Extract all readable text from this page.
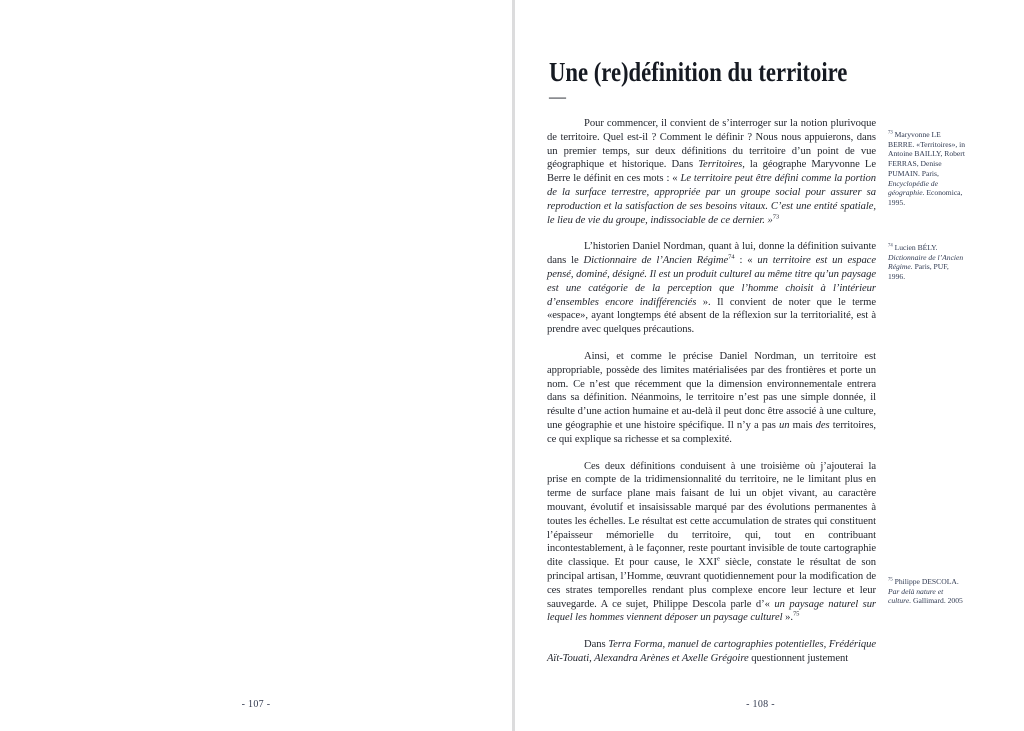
Une (re)définition du territoire
—

Pour commencer, il convient de s’interroger sur la notion plurivoque de territoire. Quel est-il ? Comment le définir ? Nous nous appuierons, dans un premier temps, sur deux définitions du territoire d’un point de vue géographique et historique. Dans Territoires, la géographe Maryvonne Le Berre le définit en ces mots : « Le territoire peut être défini comme la portion de la surface terrestre, appropriée par un groupe social pour assurer sa reproduction et la satisfaction de ses besoins vitaux. C’est une entité spatiale, le lieu de vie du groupe, indissociable de ce dernier. »$^{73}$

L’historien Daniel Nordman, quant à lui, donne la définition suivante dans le Dictionnaire de l’Ancien Régime$^{74}$ : « un territoire est un espace pensé, dominé, désigné. Il est un produit culturel au même titre qu’un paysage est une catégorie de la perception que l’homme choisit à l’intérieur d’ensembles encore indifférenciés ». Il convient de noter que le terme «espace», ayant longtemps été absent de la réflexion sur la territorialité, est à prendre avec quelques précautions.

Ainsi, et comme le précise Daniel Nordman, un territoire est appropriable, possède des limites matérialisées par des frontières et porte un nom. Ce n’est que récemment que la dimension environnementale entrera dans sa définition. Néanmoins, le territoire n’est pas une simple donnée, il résulte d’une action humaine et au-delà il peut donc être associé à une culture, une géographie et une histoire spécifique. Il n’y a pas un mais des territoires, ce qui explique sa richesse et sa complexité.

Ces deux définitions conduisent à une troisième où j’ajouterai la prise en compte de la tridimensionnalité du territoire, ne le limitant plus en terme de surface plane mais faisant de lui un objet vivant, au caractère mouvant, évolutif et insaisissable marqué par des évolutions permanentes à toutes les échelles. Le résultat est cette accumulation de strates qui constituent l’épaisseur mémorielle du territoire, qui, tout en contribuant incontestablement, à le façonner, reste pourtant invisible de toute cartographie dite classique. Et pour cause, le XXIe siècle, constate le résultat de son principal artisan, l’Homme, œuvrant quotidiennement pour la modification de ces strates temporelles rendant plus complexe encore leur lecture et leur sauvegarde. A ce sujet, Philippe Descola parle d’« un paysage naturel sur lequel les hommes viennent déposer un paysage culturel ».$^{75}$

Dans Terra Forma, manuel de cartographies potentielles, Frédérique Aït-Touati, Alexandra Arènes et Axelle Grégoire questionnent justement

$^{73}$ Maryvonne LE BERRE. «Territoires», in Antoine BAILLY, Robert FERRAS, Denise PUMAIN. Paris, Encyclopédie de géographie. Economica, 1995.
$^{74}$ Lucien BÉLY. Dictionnaire de l’Ancien Régime. Paris, PUF, 1996.
$^{75}$ Philippe DESCOLA. Par delà nature et culture. Gallimard. 2005
- 107 -	- 108 -
